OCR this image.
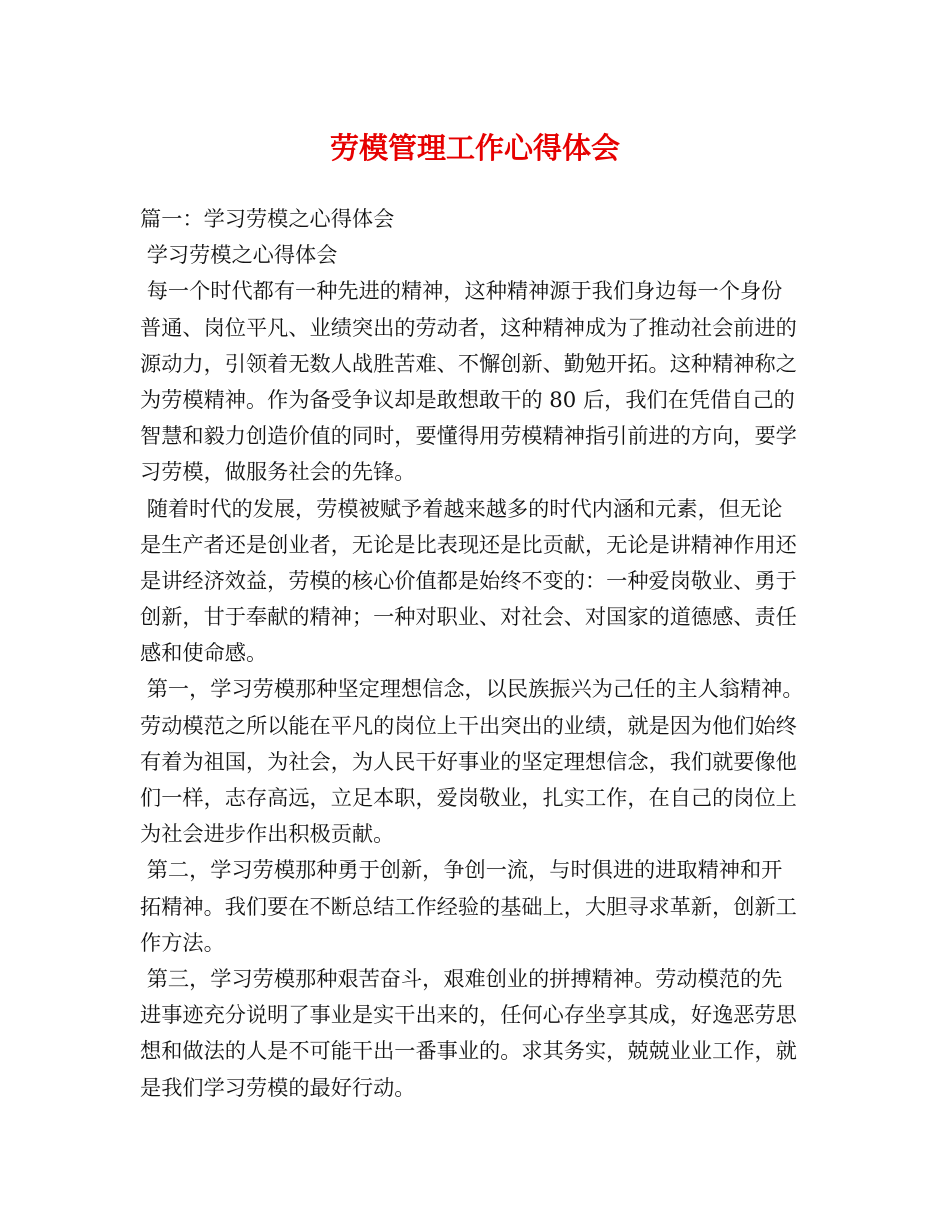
劳模管理工作心得体会

篇一：学习劳模之心得体会

学习劳模之心得体会

每一个时代都有一种先进的精神，这种精神源于我们身边每一个身份

普通、岗位平凡、业绩突出的劳动者，这种精神成为了推动社会前进的

源动力，引领着无数人战胜苦难、不懈创新、勤勉开拓。这种精神称之

为劳模精神。作为备受争议却是敢想敢干的 80 后，我们在凭借自己的

智慧和毅力创造价值的同时，要懂得用劳模精神指引前进的方向，要学

习劳模，做服务社会的先锋。

随着时代的发展，劳模被赋予着越来越多的时代内涵和元素，但无论

是生产者还是创业者，无论是比表现还是比贡献，无论是讲精神作用还

是讲经济效益，劳模的核心价值都是始终不变的：一种爱岗敬业、勇于

创新，甘于奉献的精神；一种对职业、对社会、对国家的道德感、责任

感和使命感。

第一，学习劳模那种坚定理想信念，以民族振兴为己任的主人翁精神。

劳动模范之所以能在平凡的岗位上干出突出的业绩，就是因为他们始终

有着为祖国，为社会，为人民干好事业的坚定理想信念，我们就要像他

们一样，志存高远，立足本职，爱岗敬业，扎实工作，在自己的岗位上

为社会进步作出积极贡献。

第二，学习劳模那种勇于创新，争创一流，与时俱进的进取精神和开

拓精神。我们要在不断总结工作经验的基础上，大胆寻求革新，创新工

作方法。

第三，学习劳模那种艰苦奋斗，艰难创业的拼搏精神。劳动模范的先

进事迹充分说明了事业是实干出来的，任何心存坐享其成，好逸恶劳思

想和做法的人是不可能干出一番事业的。求其务实，兢兢业业工作，就

是我们学习劳模的最好行动。
